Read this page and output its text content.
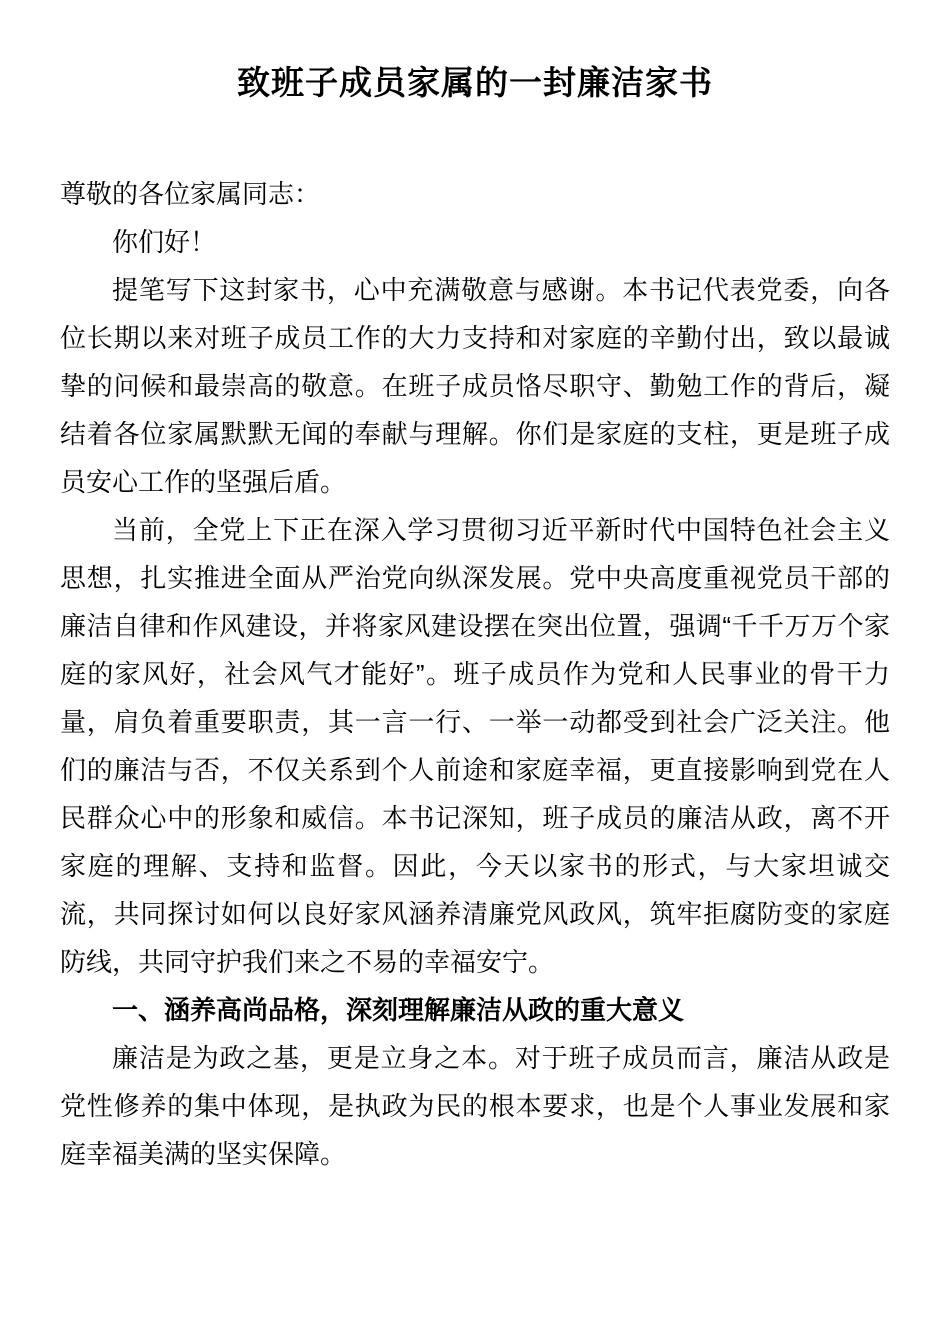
致班子成员家属的一封廉洁家书

尊敬的各位家属同志：

你们好！

提笔写下这封家书，心中充满敬意与感谢。本书记代表党委，向各位长期以来对班子成员工作的大力支持和对家庭的辛勤付出，致以最诚挚的问候和最崇高的敬意。在班子成员恪尽职守、勤勉工作的背后，凝结着各位家属默默无闻的奉献与理解。你们是家庭的支柱，更是班子成员安心工作的坚强后盾。

当前，全党上下正在深入学习贯彻习近平新时代中国特色社会主义思想，扎实推进全面从严治党向纵深发展。党中央高度重视党员干部的廉洁自律和作风建设，并将家风建设摆在突出位置，强调“千千万万个家庭的家风好，社会风气才能好”。班子成员作为党和人民事业的骨干力量，肩负着重要职责，其一言一行、一举一动都受到社会广泛关注。他们的廉洁与否，不仅关系到个人前途和家庭幸福，更直接影响到党在人民群众心中的形象和威信。本书记深知，班子成员的廉洁从政，离不开家庭的理解、支持和监督。因此，今天以家书的形式，与大家坦诚交流，共同探讨如何以良好家风涵养清廉党风政风，筑牢拒腐防变的家庭防线，共同守护我们来之不易的幸福安宁。

一、涵养高尚品格，深刻理解廉洁从政的重大意义

廉洁是为政之基，更是立身之本。对于班子成员而言，廉洁从政是党性修养的集中体现，是执政为民的根本要求，也是个人事业发展和家庭幸福美满的坚实保障。
